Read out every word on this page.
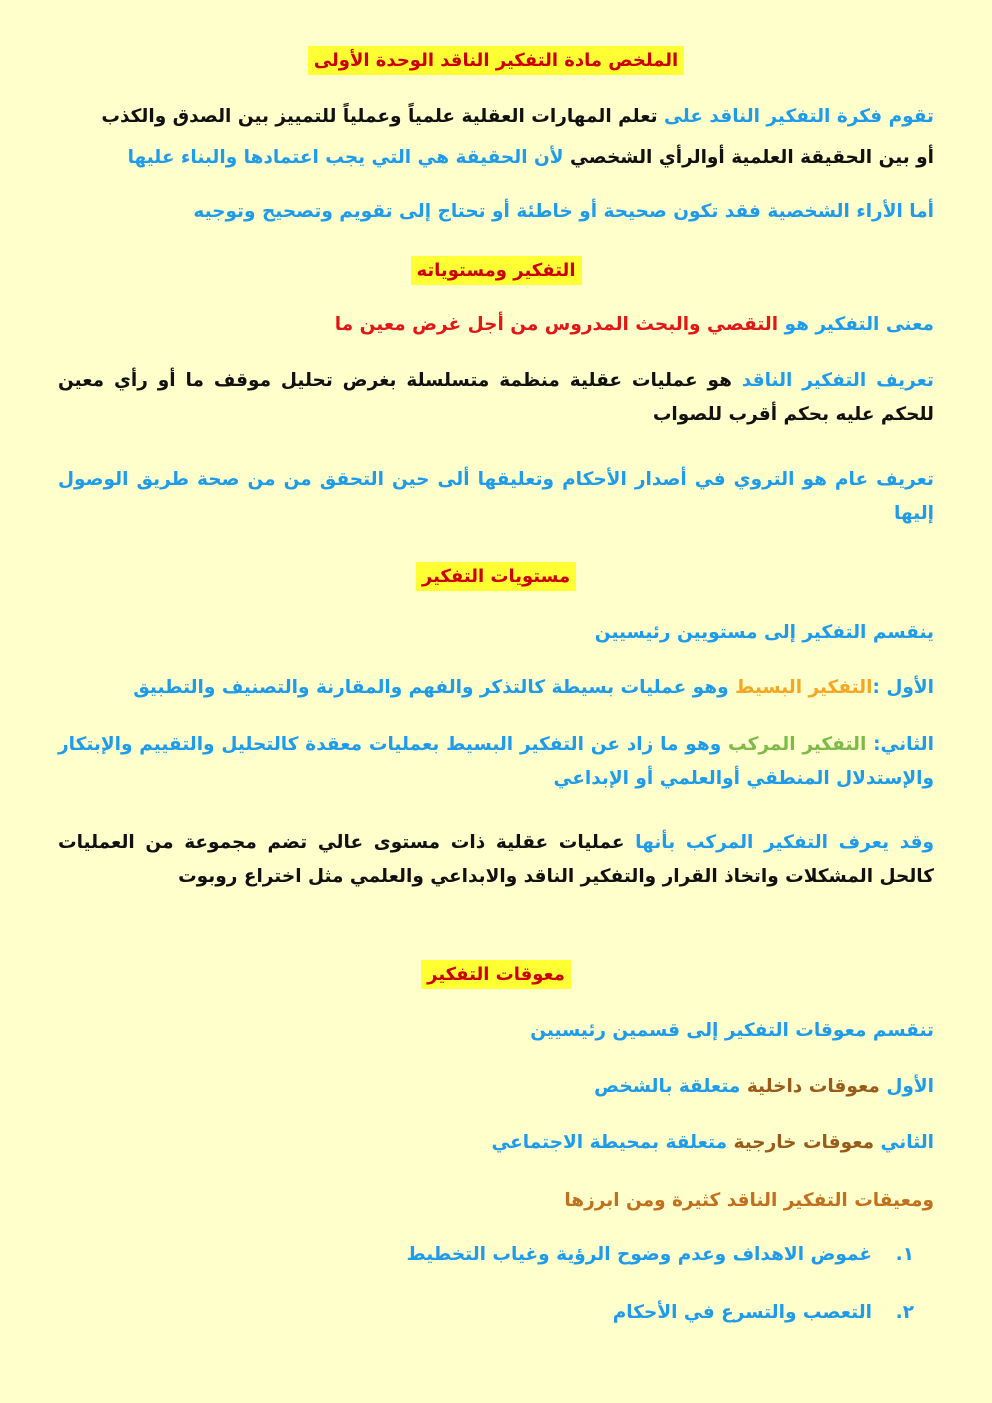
الملخص مادة التفكير الناقد الوحدة الأولى
تقوم فكرة التفكير الناقد على تعلم المهارات العقلية علمياً وعملياً للتمييز بين الصدق والكذب
أو بين الحقيقة العلمية أوالرأي الشخصي لأن الحقيقة هي التي يجب اعتمادها والبناء عليها
أما الأراء الشخصية فقد تكون صحيحة أو خاطئة أو تحتاج إلى تقويم وتصحيح وتوجيه
التفكير ومستوياته
معنى التفكير هو التقصي والبحث المدروس من أجل غرض معين ما
تعريف التفكير الناقد هو عمليات عقلية منظمة متسلسلة بغرض تحليل موقف ما أو رأي معين للحكم عليه بحكم أقرب للصواب
تعريف عام هو التروي في أصدار الأحكام وتعليقها ألى حين التحقق من من صحة طريق الوصول إليها
مستويات التفكير
ينقسم التفكير إلى مستويين رئيسيين
الأول :التفكير البسيط وهو عمليات بسيطة كالتذكر والفهم والمقارنة والتصنيف والتطبيق
الثاني: التفكير المركب وهو ما زاد عن التفكير البسيط بعمليات معقدة كالتحليل والتقييم والإبتكار والإستدلال المنطقي أوالعلمي أو الإبداعي
وقد يعرف التفكير المركب بأنها عمليات عقلية ذات مستوى عالي تضم مجموعة من العمليات كالحل المشكلات واتخاذ القرار والتفكير الناقد والابداعي والعلمي مثل اختراع روبوت
معوقات التفكير
تنقسم معوقات التفكير إلى قسمين رئيسيين
الأول معوقات داخلية متعلقة بالشخص
الثاني معوقات خارجية متعلقة بمحيطة الاجتماعي
ومعيقات التفكير الناقد كثيرة ومن ابرزها
١.غموض الاهداف وعدم وضوح الرؤية وغياب التخطيط
٢.التعصب والتسرع في الأحكام
